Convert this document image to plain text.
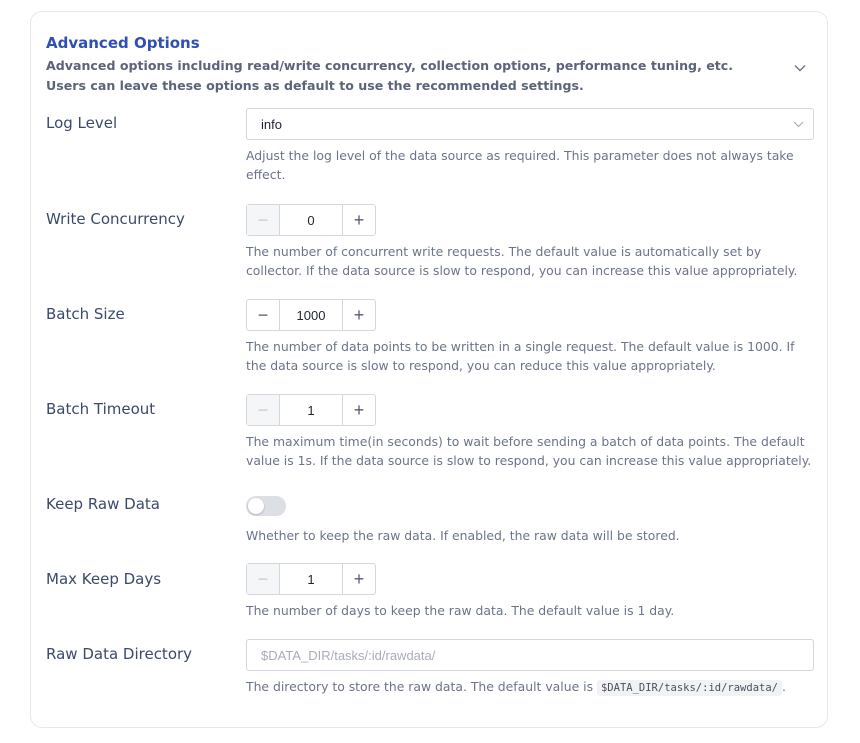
Advanced Options
Advanced options including read/write concurrency, collection options, performance tuning, etc. Users can leave these options as default to use the recommended settings.
Log Level	info
Adjust the log level of the data source as required. This parameter does not always take effect.
Write Concurrency	−	0	+
The number of concurrent write requests. The default value is automatically set by collector. If the data source is slow to respond, you can increase this value appropriately.
Batch Size	−	1000	+
The number of data points to be written in a single request. The default value is 1000. If the data source is slow to respond, you can reduce this value appropriately.
Batch Timeout	−	1	+
The maximum time(in seconds) to wait before sending a batch of data points. The default value is 1s. If the data source is slow to respond, you can increase this value appropriately.
Keep Raw Data
Whether to keep the raw data. If enabled, the raw data will be stored.
Max Keep Days	−	1	+
The number of days to keep the raw data. The default value is 1 day.
Raw Data Directory
$DATA_DIR/tasks/:id/rawdata/
The directory to store the raw data. The default value is $DATA_DIR/tasks/:id/rawdata/ .
